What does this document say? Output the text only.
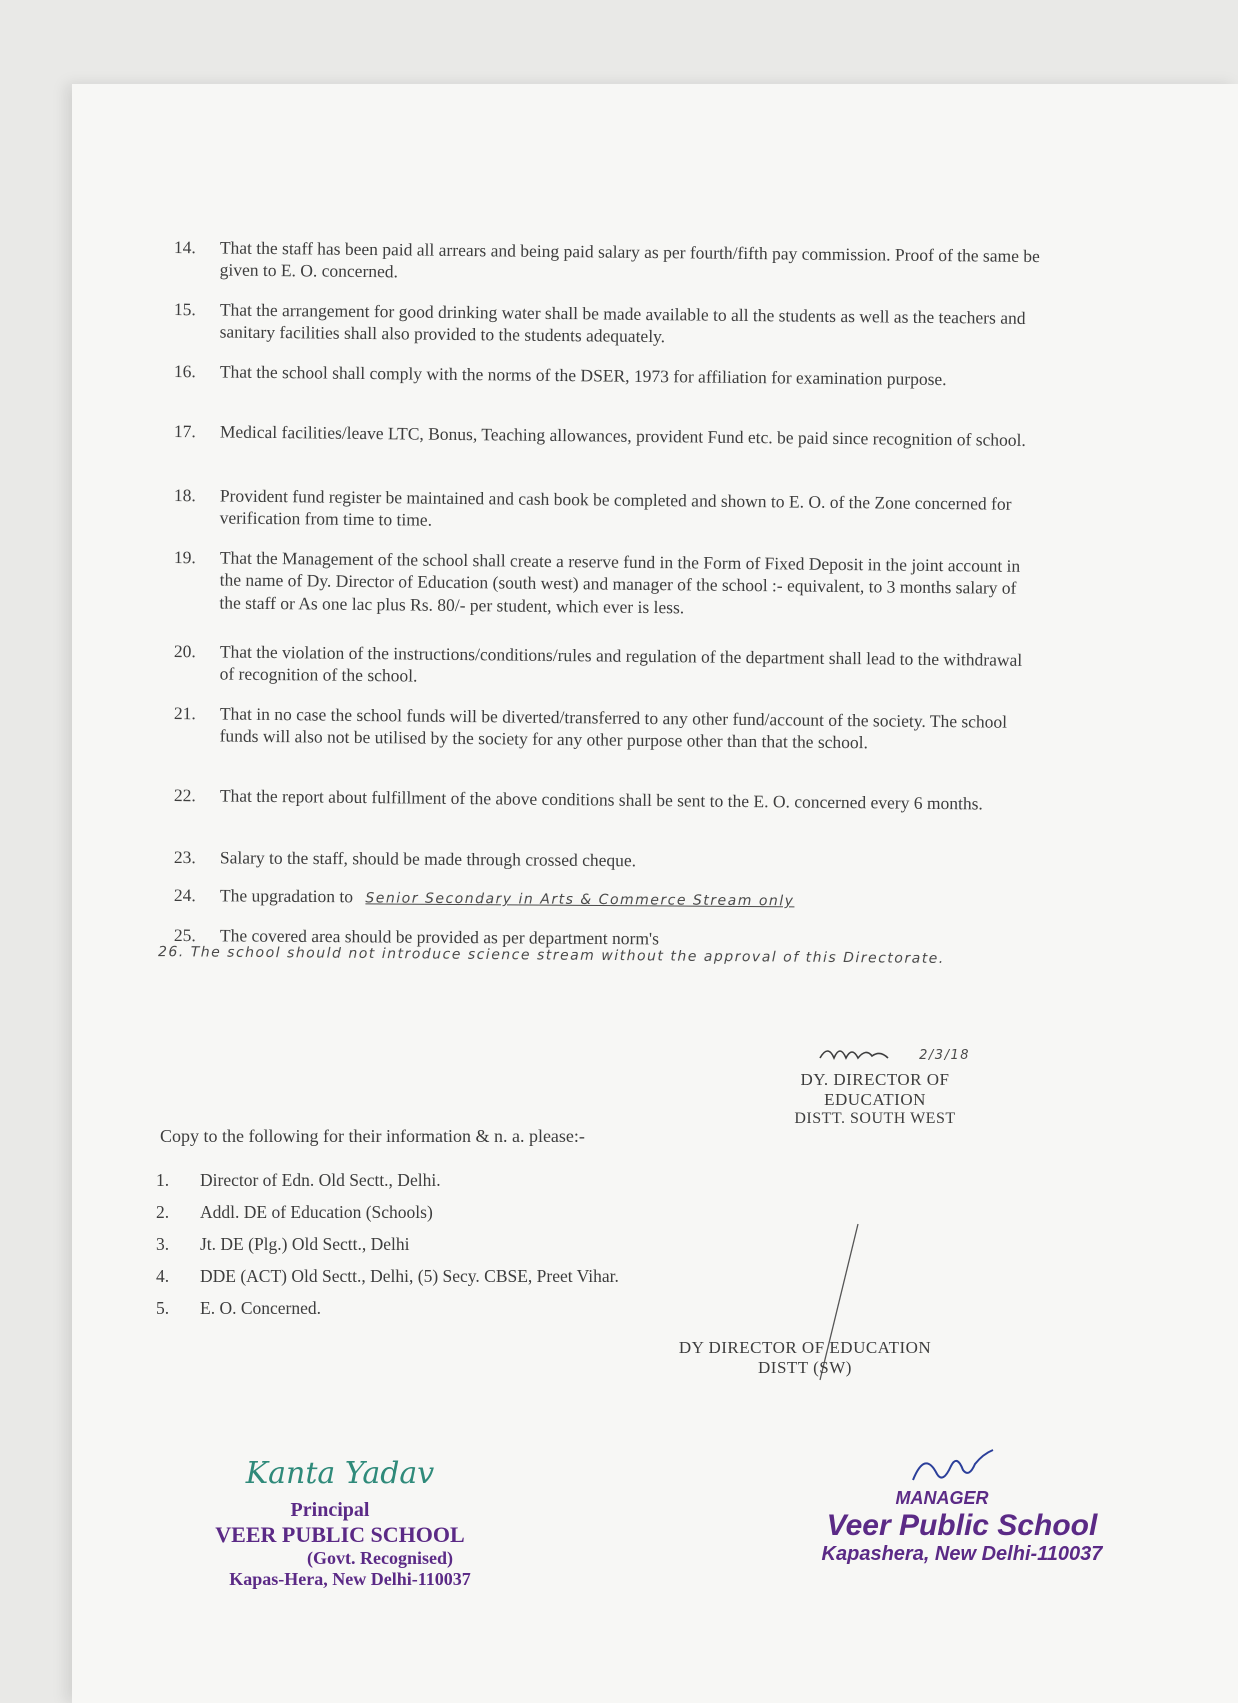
14.	That the staff has been paid all arrears and being paid salary as per fourth/fifth pay commission. Proof of the same be given to E. O. concerned.
15.	That the arrangement for good drinking water shall be made available to all the students as well as the teachers and sanitary facilities shall also provided to the students adequately.
16.	That the school shall comply with the norms of the DSER, 1973 for affiliation for examination purpose.
17.	Medical facilities/leave LTC, Bonus, Teaching allowances, provident Fund etc. be paid since recognition of school.
18.	Provident fund register be maintained and cash book be completed and shown to E. O. of the Zone concerned for verification from time to time.
19.	That the Management of the school shall create a reserve fund in the Form of Fixed Deposit in the joint account in the name of Dy. Director of Education (south west) and manager of the school :- equivalent, to 3 months salary of the staff or As one lac plus Rs. 80/- per student, which ever is less.
20.	That the violation of the instructions/conditions/rules and regulation of the department shall lead to the withdrawal of recognition of the school.
21.	That in no case the school funds will be diverted/transferred to any other fund/account of the society. The school funds will also not be utilised by the society for any other purpose other than that the school.
22.	That the report about fulfillment of the above conditions shall be sent to the E. O. concerned every 6 months.
23.	Salary to the staff, should be made through crossed cheque.
24.	The upgradation to Senior Secondary in Arts & Commerce Stream only
25.	The covered area should be provided as per department norm's
26. The school should not introduce science stream without the approval of this Directorate.
2/3/18
DY. DIRECTOR OF EDUCATION
DISTT. SOUTH WEST
Copy to the following for their information & n. a. please:-
1.	Director of Edn. Old Sectt., Delhi.
2.	Addl. DE of Education (Schools)
3.	Jt. DE (Plg.) Old Sectt., Delhi
4.	DDE (ACT) Old Sectt., Delhi, (5) Secy. CBSE, Preet Vihar.
5.	E. O. Concerned.
DY DIRECTOR OF EDUCATION
DISTT (SW)
Kanta Yadav
Principal
VEER PUBLIC SCHOOL
(Govt. Recognised)
Kapas-Hera, New Delhi-110037
MANAGER
Veer Public School
Kapashera, New Delhi-110037
